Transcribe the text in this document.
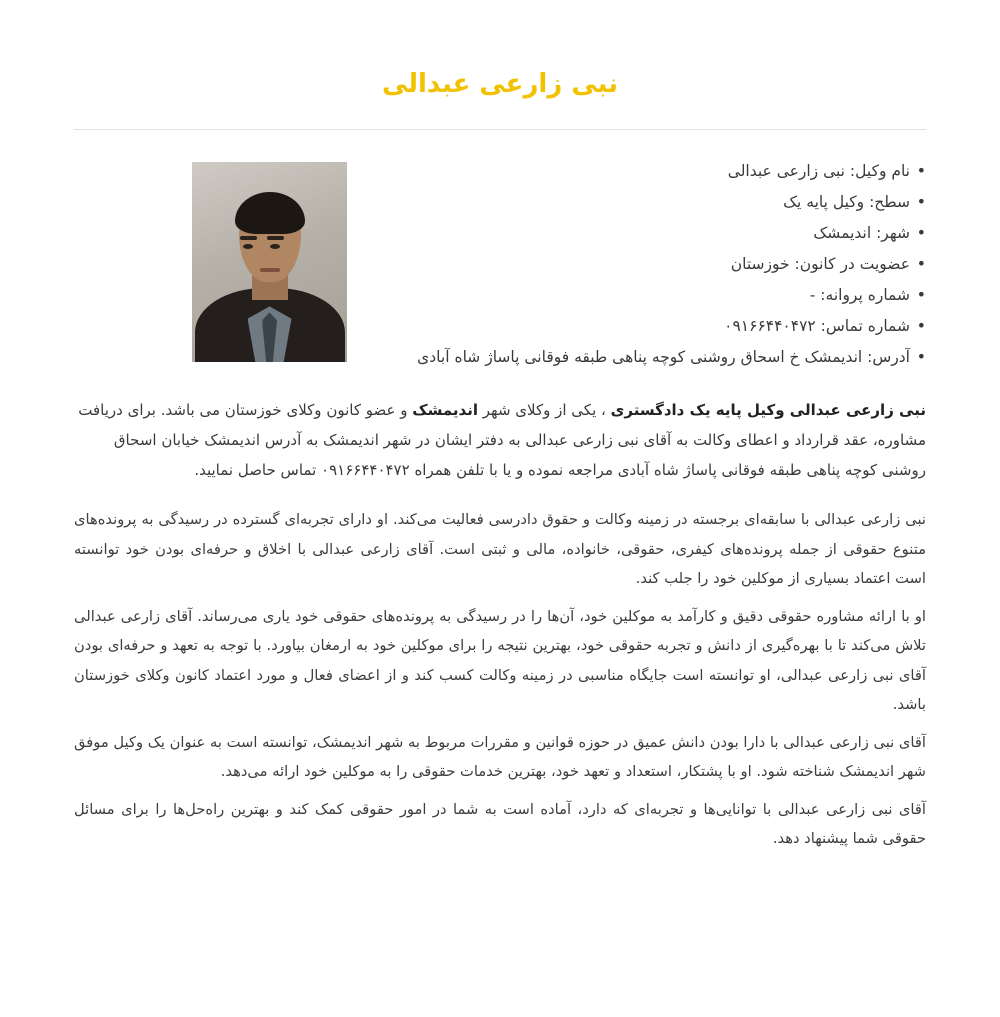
نبی زارعی عبدالی
• نام وکیل: نبی زارعی عبدالی
• سطح: وکیل پایه یک
• شهر: اندیمشک
• عضویت در کانون: خوزستان
• شماره پروانه: -
• شماره تماس: ۰۹۱۶۶۴۴۰۴۷۲
• آدرس: اندیمشک خ اسحاق روشنی کوچه پناهی طبقه فوقانی پاساژ شاه آبادی

نبی زارعی عبدالی وکیل پایه یک دادگستری ، یکی از وکلای شهر اندیمشک و عضو کانون وکلای خوزستان می باشد. برای دریافت مشاوره، عقد قرارداد و اعطای وکالت به آقای نبی زارعی عبدالی به دفتر ایشان در شهر اندیمشک به آدرس اندیمشک خیابان اسحاق روشنی کوچه پناهی طبقه فوقانی پاساژ شاه آبادی مراجعه نموده و یا با تلفن همراه ۰۹۱۶۶۴۴۰۴۷۲ تماس حاصل نمایید.

نبی زارعی عبدالی با سابقه‌ای برجسته در زمینه وکالت و حقوق دادرسی فعالیت می‌کند. او دارای تجربه‌ای گسترده در رسیدگی به پرونده‌های متنوع حقوقی از جمله پرونده‌های کیفری، حقوقی، خانواده، مالی و ثبتی است. آقای زارعی عبدالی با اخلاق و حرفه‌ای بودن خود توانسته است اعتماد بسیاری از موکلین خود را جلب کند.

او با ارائه مشاوره حقوقی دقیق و کارآمد به موکلین خود، آن‌ها را در رسیدگی به پرونده‌های حقوقی خود یاری می‌رساند. آقای زارعی عبدالی تلاش می‌کند تا با بهره‌گیری از دانش و تجربه حقوقی خود، بهترین نتیجه را برای موکلین خود به ارمغان بیاورد. با توجه به تعهد و حرفه‌ای بودن آقای نبی زارعی عبدالی، او توانسته است جایگاه مناسبی در زمینه وکالت کسب کند و از اعضای فعال و مورد اعتماد کانون وکلای خوزستان باشد.

آقای نبی زارعی عبدالی با دارا بودن دانش عمیق در حوزه قوانین و مقررات مربوط به شهر اندیمشک، توانسته است به عنوان یک وکیل موفق شهر اندیمشک شناخته شود. او با پشتکار، استعداد و تعهد خود، بهترین خدمات حقوقی را به موکلین خود ارائه می‌دهد.

آقای نبی زارعی عبدالی با توانایی‌ها و تجربه‌ای که دارد، آماده است به شما در امور حقوقی کمک کند و بهترین راه‌حل‌ها را برای مسائل حقوقی شما پیشنهاد دهد.
